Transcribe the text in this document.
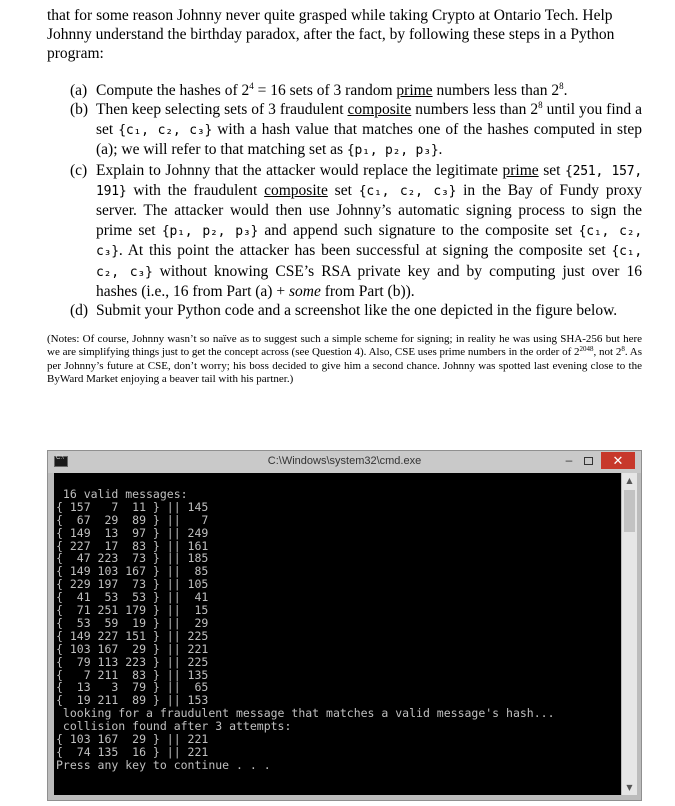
that for some reason Johnny never quite grasped while taking Crypto at Ontario Tech. Help
Johnny understand the birthday paradox, after the fact, by following these steps in a Python
program:
(a) Compute the hashes of $2^4 = 16$ sets of 3 random prime numbers less than $2^8$.
(b) Then keep selecting sets of 3 fraudulent composite numbers less than $2^8$ until you find a set {c₁, c₂, c₃} with a hash value that matches one of the hashes computed in step (a); we will refer to that matching set as {p₁, p₂, p₃}.
(c) Explain to Johnny that the attacker would replace the legitimate prime set {251, 157, 191} with the fraudulent composite set {c₁, c₂, c₃} in the Bay of Fundy proxy server. The attacker would then use Johnny’s automatic signing process to sign the prime set {p₁, p₂, p₃} and append such signature to the composite set {c₁, c₂, c₃}. At this point the attacker has been successful at signing the composite set {c₁, c₂, c₃} without knowing CSE’s RSA private key and by computing just over 16 hashes (i.e., 16 from Part (a) + some from Part (b)).
(d) Submit your Python code and a screenshot like the one depicted in the figure below.
(Notes: Of course, Johnny wasn’t so naïve as to suggest such a simple scheme for signing; in reality he was using SHA-256 but here we are simplifying things just to get the concept across (see Question 4). Also, CSE uses prime numbers in the order of $2^{2048}$, not $2^8$. As per Johnny’s future at CSE, don’t worry; his boss decided to give him a second chance. Johnny was spotted last evening close to the ByWard Market enjoying a beaver tail with his partner.)
C:\
C:\Windows\system32\cmd.exe	–	✕
16 valid messages:
{ 157   7  11 } || 145
{  67  29  89 } ||   7
{ 149  13  97 } || 249
{ 227  17  83 } || 161
{  47 223  73 } || 185
{ 149 103 167 } ||  85
{ 229 197  73 } || 105
{  41  53  53 } ||  41
{  71 251 179 } ||  15
{  53  59  19 } ||  29
{ 149 227 151 } || 225
{ 103 167  29 } || 221
{  79 113 223 } || 225
{   7 211  83 } || 135
{  13   3  79 } ||  65
{  19 211  89 } || 153
looking for a fraudulent message that matches a valid message's hash...
collision found after 3 attempts:
{ 103 167  29 } || 221
{  74 135  16 } || 221
Press any key to continue . . .
▲
▼
